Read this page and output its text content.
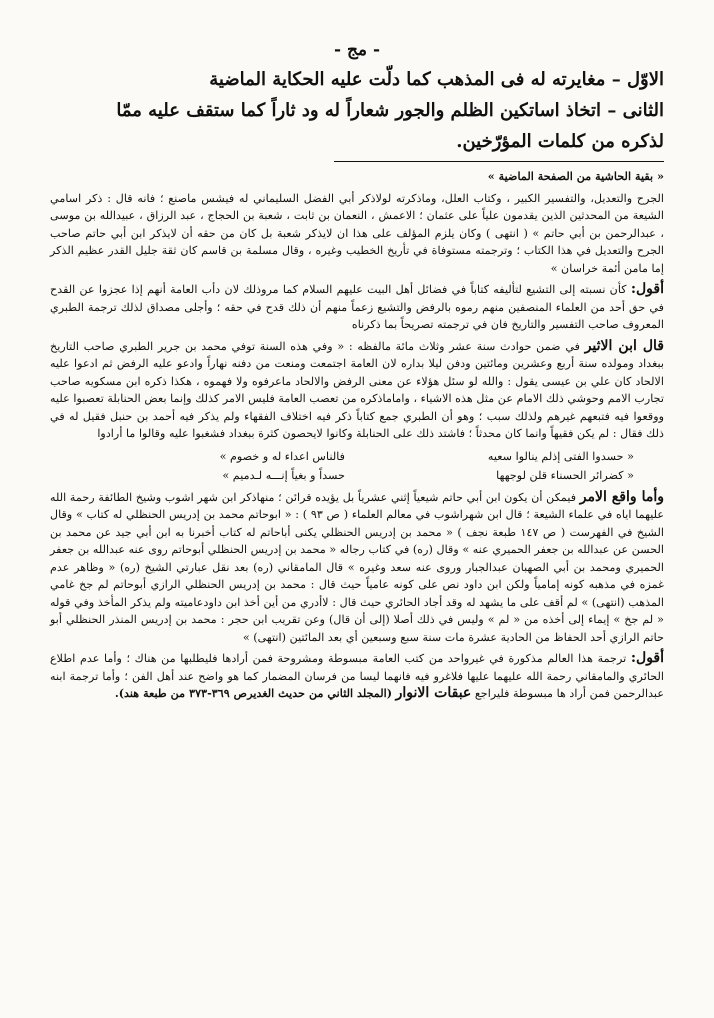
- مج -

الاوّل – مغايرته له فی المذهب كما دلّت علیه الحكایة الماضية

الثانی – اتخاذ اساتكين الظلم والجور شعاراً له ود ثاراً كما ستقف عليه ممّا

لذكره من كلمات المؤرّخين.

« بقية الحاشية من الصفحة الماضية »

الجرح والتعديل، والتفسير الكبير ، وكتاب العلل، وماذكرته لولاذكر أبي الفضل السليماني له فيشس ماصنع ؛ فانه قال : ذكر اسامي الشيعة من المحدثين الذين يقدمون علياً على عثمان ؛ الاعمش ، النعمان بن ثابت ، شعبة بن الحجاج ، عبد الرزاق ، عبيدالله بن موسى ، عبدالرحمن بن أبي حاتم » ( انتهى ) وكان يلزم المؤلف على هذا ان لايذكر شعبة بل كان من حقه أن لايذكر ابن أبي حاتم صاحب الجرح والتعديل في هذا الكتاب ؛ وترجمته مستوفاة في تأريخ الخطيب وغيره ، وقال مسلمة بن قاسم كان ثقة جليل القدر عظيم الذكر إما مامن أئمة خراسان »

أقول: كأن نسبته إلى التشيع لتأليفه كتاباً في فضائل أهل البيت عليهم السلام كما مروذلك لان دأب العامة أنهم إذا عجزوا عن القدح في حق أحد من العلماء المنصفين منهم رموه بالرفض والتشيع زعماً منهم أن ذلك قدح في حقه ؛ وأجلى مصداق لذلك ترجمة الطبري المعروف صاحب التفسير والتاريخ فان في ترجمته تصريحاً بما ذكرناه

قال ابن الاثير في ضمن حوادث سنة عشر وثلاث مائة مالفظه : « وفي هذه السنة توفي محمد بن جرير الطبري صاحب التاريخ ببغداد ومولده سنة أربع وعشرين ومائتين ودفن ليلا بداره لان العامة اجتمعت ومنعت من دفنه نهاراً وادعو عليه الرفض ثم ادعوا عليه الالحاد كان علي بن عيسى يقول : والله لو سئل هؤلاء عن معنى الرفض والالحاد ماعرفوه ولا فهموه ، هكذا ذكره ابن مسكويه صاحب تجارب الامم وحوشي ذلك الامام عن مثل هذه الاشياء ، واماماذكره من تعصب العامة فليس الامر كذلك وإنما بعض الحنابلة تعصبوا عليه ووقعوا فيه فتبعهم غيرهم ولذلك سبب ؛ وهو أن الطبري جمع كتاباً ذكر فيه اختلاف الفقهاء ولم يذكر فيه أحمد بن حنبل فقيل له في ذلك فقال : لم يكن فقيهاً وانما كان محدثاً ؛ فاشتد ذلك على الحنابلة وكانوا لايحصون كثرة ببغداد فشغبوا عليه وقالوا ما أرادوا

« حسدوا الفتى إذلم ينالوا سعيه
فالناس اعداء له و خصوم »
« كضرائر الحسناء قلن لوجهها
حسداً و بغياً إنـــه لـدميم »

وأما واقع الامر فيمكن أن يكون ابن أبي حاتم شيعياً إثني عشرياً بل يؤيده قرائن ؛ منهاذكر ابن شهر اشوب وشيخ الطائفة رحمة الله عليهما اياه في علماء الشيعة ؛ قال ابن شهراشوب في معالم العلماء ( ص ٩٣ ) : « ابوحاتم محمد بن إدريس الحنظلي له كتاب » وقال الشيخ في الفهرست ( ص ١٤٧ طبعة نجف ) « محمد بن إدريس الحنظلي يكنى أباحاتم له كتاب أخبرنا به ابن أبي جيد عن محمد بن الحسن عن عبدالله بن جعفر الحميري عنه » وقال (ره) في كتاب رجاله « محمد بن إدريس الحنظلي أبوحاتم روى عنه عبدالله بن جعفر الحميري ومحمد بن أبي الصهبان عبدالجبار وروى عنه سعد وغيره » قال المامقاني (ره) بعد نقل عبارتي الشيخ (ره) « وظاهر عدم غمزه في مذهبه كونه إمامياً ولكن ابن داود نص على كونه عامياً حيث قال : محمد بن إدريس الحنظلي الرازي أبوحاتم لم جخ غامي المذهب (انتهى) » لم أقف على ما يشهد له وقد أجاد الحائري حيث قال : لاأدري من أين أخذ ابن داودعاميته ولم يذكر المأخذ وفي قوله « لم جخ » إيماء إلى أخذه من « لم » وليس في ذلك أصلا (إلى أن قال) وعن تقريب ابن حجر : محمد بن إدريس المنذر الحنظلي أبو حاتم الرازي أحد الحفاظ من الحادية عشرة مات سنة سبع وسبعين أي بعد المائتين (انتهى) »

أقول: ترجمة هذا العالم مذكورة في غيرواحد من كتب العامة مبسوطة ومشروحة فمن أرادها فليطلبها من هناك ؛ وأما عدم اطلاع الحائري والمامقاني رحمة الله عليهما عليها فلاغرو فيه فانهما ليسا من فرسان المضمار كما هو واضح عند أهل الفن ؛ وأما ترجمة ابنه عبدالرحمن فمن أراد ها مبسوطة فليراجع عبقات الانوار (المجلد الثاني من حديث الغديرص ٣٦٩-٣٧٣ من طبعة هند).
